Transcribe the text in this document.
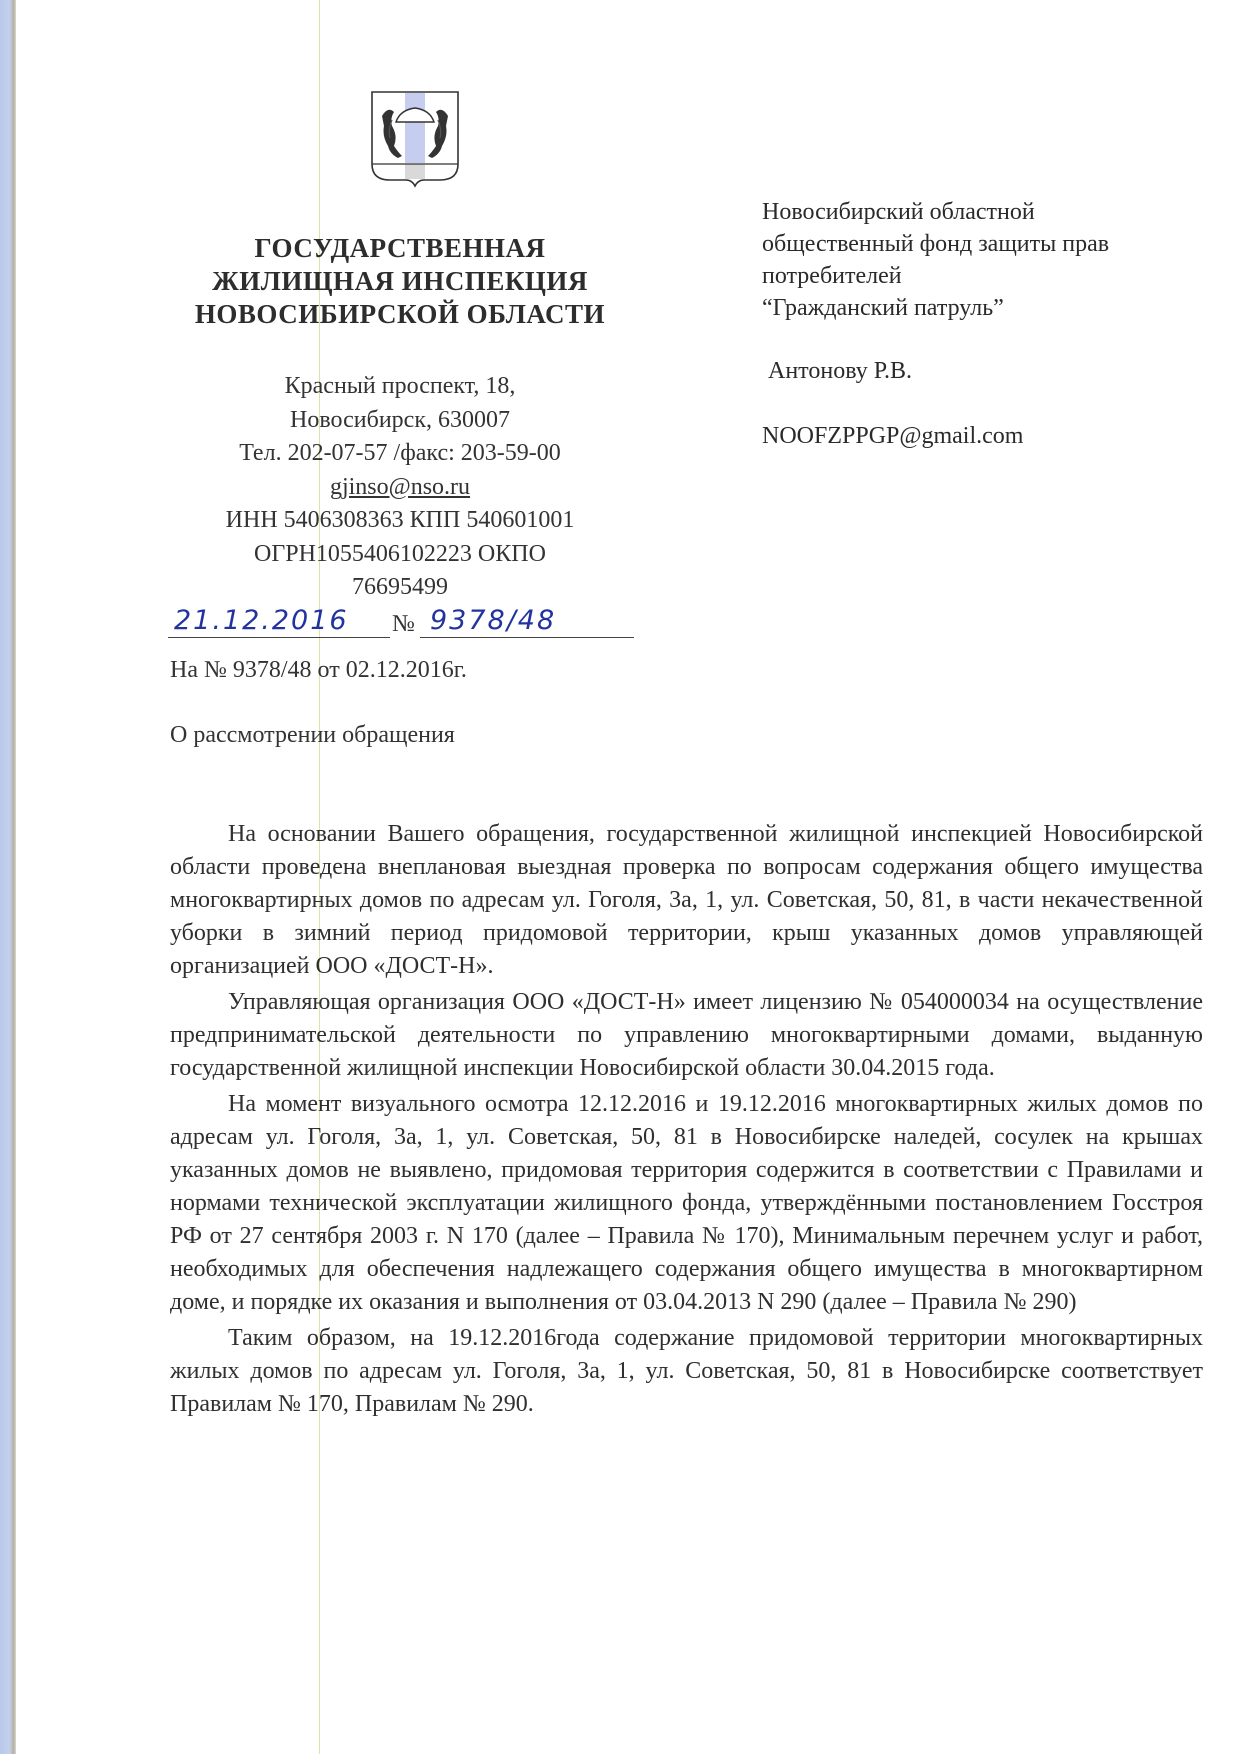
ГОСУДАРСТВЕННАЯ
ЖИЛИЩНАЯ ИНСПЕКЦИЯ
НОВОСИБИРСКОЙ ОБЛАСТИ
Красный проспект, 18,
Новосибирск, 630007
Тел. 202-07-57 /факс: 203-59-00
gjinso@nso.ru
ИНН 5406308363 КПП 540601001
ОГРН1055406102223 ОКПО
76695499
21.12.2016 № 9378/48
На № 9378/48 от 02.12.2016г.
О рассмотрении обращения
Новосибирский областной
общественный фонд защиты прав
потребителей
“Гражданский патруль”
Антонову Р.В.
NOOFZPPGP@gmail.com

На основании Вашего обращения, государственной жилищной инспекцией Новосибирской области проведена внеплановая выездная проверка по вопросам содержания общего имущества многоквартирных домов по адресам ул. Гоголя, 3а, 1, ул. Советская, 50, 81, в части некачественной уборки в зимний период придомовой территории, крыш указанных домов управляющей организацией ООО «ДОСТ-Н».

Управляющая организация ООО «ДОСТ-Н» имеет лицензию № 054000034 на осуществление предпринимательской деятельности по управлению многоквартирными домами, выданную государственной жилищной инспекции Новосибирской области 30.04.2015 года.

На момент визуального осмотра 12.12.2016 и 19.12.2016 многоквартирных жилых домов по адресам ул. Гоголя, 3а, 1, ул. Советская, 50, 81 в Новосибирске наледей, сосулек на крышах указанных домов не выявлено, придомовая территория содержится в соответствии с Правилами и нормами технической эксплуатации жилищного фонда, утверждёнными постановлением Госстроя РФ от 27 сентября 2003 г. N 170 (далее – Правила № 170), Минимальным перечнем услуг и работ, необходимых для обеспечения надлежащего содержания общего имущества в многоквартирном доме, и порядке их оказания и выполнения от 03.04.2013 N 290 (далее – Правила № 290)

Таким образом, на 19.12.2016года содержание придомовой территории многоквартирных жилых домов по адресам ул. Гоголя, 3а, 1, ул. Советская, 50, 81 в Новосибирске соответствует Правилам № 170, Правилам № 290.
